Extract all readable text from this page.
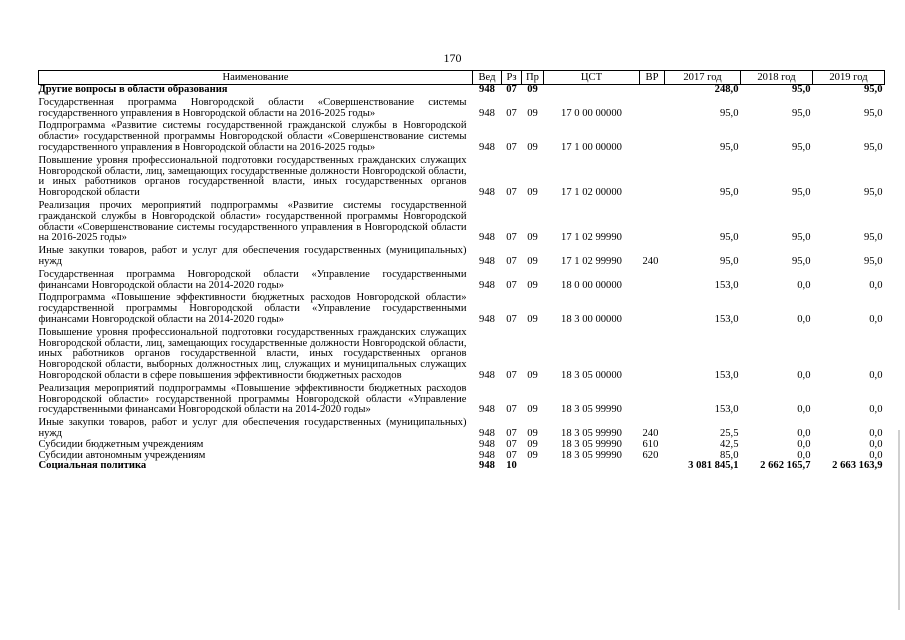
170
Наименование	Вед	Рз	Пр	ЦСТ	ВР	2017 год	2018 год	2019 год
Другие вопросы в области образования	948	07	09			248,0	95,0	95,0
Государственная программа Новгородской области «Совершенствование системы государственного управления в Новгородской области на 2016-2025 годы»	948	07	09	17 0 00 00000		95,0	95,0	95,0
Подпрограмма «Развитие системы государственной гражданской службы в Новгородской области» государственной программы Новгородской области «Совершенствование системы государственного управления в Новгородской области на 2016-2025 годы»	948	07	09	17 1 00 00000		95,0	95,0	95,0
Повышение уровня профессиональной подготовки государственных гражданских служащих Новгородской области, лиц, замещающих государственные должности Новгородской области, и иных работников органов государственной власти, иных государственных органов Новгородской области	948	07	09	17 1 02 00000		95,0	95,0	95,0
Реализация прочих мероприятий подпрограммы «Развитие системы государственной гражданской службы в Новгородской области» государственной программы Новгородской области «Совершенствование системы государственного управления в Новгородской области на 2016-2025 годы»	948	07	09	17 1 02 99990		95,0	95,0	95,0
Иные закупки товаров, работ и услуг для обеспечения государственных (муниципальных) нужд	948	07	09	17 1 02 99990	240	95,0	95,0	95,0
Государственная программа Новгородской области «Управление государственными финансами Новгородской области на 2014-2020 годы»	948	07	09	18 0 00 00000		153,0	0,0	0,0
Подпрограмма «Повышение эффективности бюджетных расходов Новгородской области» государственной программы Новгородской области «Управление государственными финансами Новгородской области на 2014-2020 годы»	948	07	09	18 3 00 00000		153,0	0,0	0,0
Повышение уровня профессиональной подготовки государственных гражданских служащих Новгородской области, лиц, замещающих государственные должности Новгородской области, иных работников органов государственной власти, иных государственных органов Новгородской области, выборных должностных лиц, служащих и муниципальных служащих Новгородской области в сфере повышения эффективности бюджетных расходов	948	07	09	18 3 05 00000		153,0	0,0	0,0
Реализация мероприятий подпрограммы «Повышение эффективности бюджетных расходов Новгородской области» государственной программы Новгородской области «Управление государственными финансами Новгородской области на 2014-2020 годы»	948	07	09	18 3 05 99990		153,0	0,0	0,0
Иные закупки товаров, работ и услуг для обеспечения государственных (муниципальных) нужд	948	07	09	18 3 05 99990	240	25,5	0,0	0,0
Субсидии бюджетным учреждениям	948	07	09	18 3 05 99990	610	42,5	0,0	0,0
Субсидии автономным учреждениям	948	07	09	18 3 05 99990	620	85,0	0,0	0,0
Социальная политика	948	10				3 081 845,1	2 662 165,7	2 663 163,9
